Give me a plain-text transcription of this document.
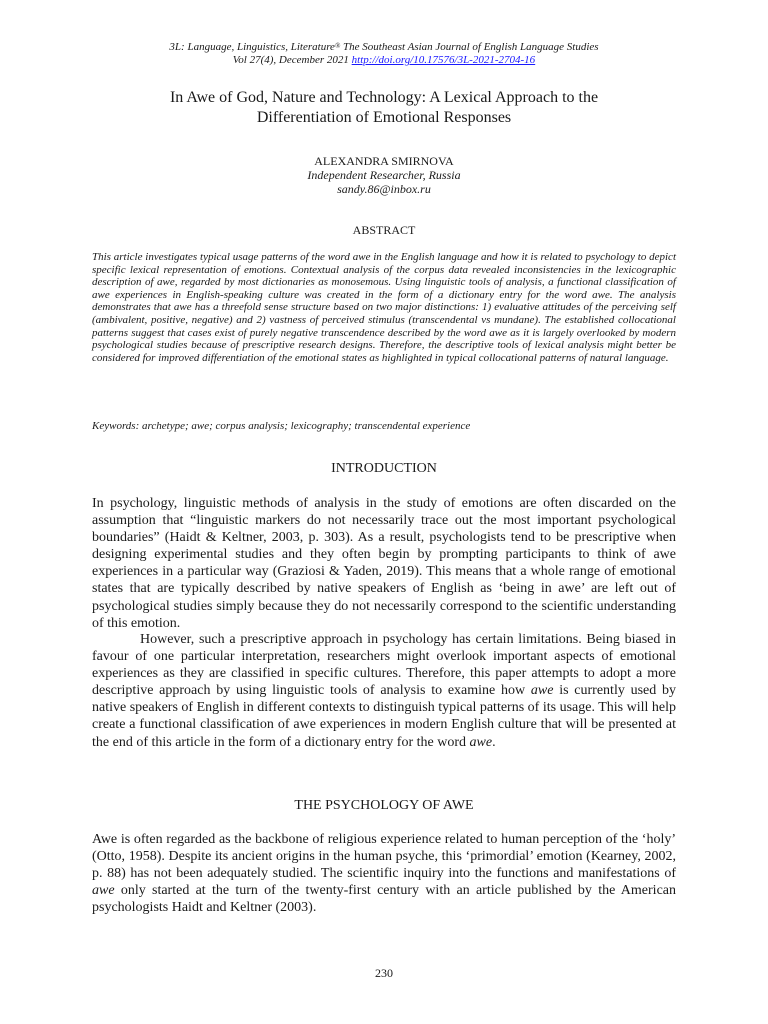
3L: Language, Linguistics, Literature® The Southeast Asian Journal of English Language Studies
Vol 27(4), December 2021 http://doi.org/10.17576/3L-2021-2704-16
In Awe of God, Nature and Technology: A Lexical Approach to the
Differentiation of Emotional Responses
ALEXANDRA SMIRNOVA
Independent Researcher, Russia
sandy.86@inbox.ru
ABSTRACT

This article investigates typical usage patterns of the word awe in the English language and how it is related to psychology to depict specific lexical representation of emotions. Contextual analysis of the corpus data revealed inconsistencies in the lexicographic description of awe, regarded by most dictionaries as monosemous. Using linguistic tools of analysis, a functional classification of awe experiences in English-speaking culture was created in the form of a dictionary entry for the word awe. The analysis demonstrates that awe has a threefold sense structure based on two major distinctions: 1) evaluative attitudes of the perceiving self (ambivalent, positive, negative) and 2) vastness of perceived stimulus (transcendental vs mundane). The established collocational patterns suggest that cases exist of purely negative transcendence described by the word awe as it is largely overlooked by modern psychological studies because of prescriptive research designs. Therefore, the descriptive tools of lexical analysis might better be considered for improved differentiation of the emotional states as highlighted in typical collocational patterns of natural language.

Keywords: archetype; awe; corpus analysis; lexicography; transcendental experience
INTRODUCTION

In psychology, linguistic methods of analysis in the study of emotions are often discarded on the assumption that “linguistic markers do not necessarily trace out the most important psychological boundaries” (Haidt & Keltner, 2003, p. 303). As a result, psychologists tend to be prescriptive when designing experimental studies and they often begin by prompting participants to think of awe experiences in a particular way (Graziosi & Yaden, 2019). This means that a whole range of emotional states that are typically described by native speakers of English as ‘being in awe’ are left out of psychological studies simply because they do not necessarily correspond to the scientific understanding of this emotion.

However, such a prescriptive approach in psychology has certain limitations. Being biased in favour of one particular interpretation, researchers might overlook important aspects of emotional experiences as they are classified in specific cultures. Therefore, this paper attempts to adopt a more descriptive approach by using linguistic tools of analysis to examine how awe is currently used by native speakers of English in different contexts to distinguish typical patterns of its usage. This will help create a functional classification of awe experiences in modern English culture that will be presented at the end of this article in the form of a dictionary entry for the word awe.

THE PSYCHOLOGY OF AWE

Awe is often regarded as the backbone of religious experience related to human perception of the ‘holy’ (Otto, 1958). Despite its ancient origins in the human psyche, this ‘primordial’ emotion (Kearney, 2002, p. 88) has not been adequately studied. The scientific inquiry into the functions and manifestations of awe only started at the turn of the twenty-first century with an article published by the American psychologists Haidt and Keltner (2003).

230
